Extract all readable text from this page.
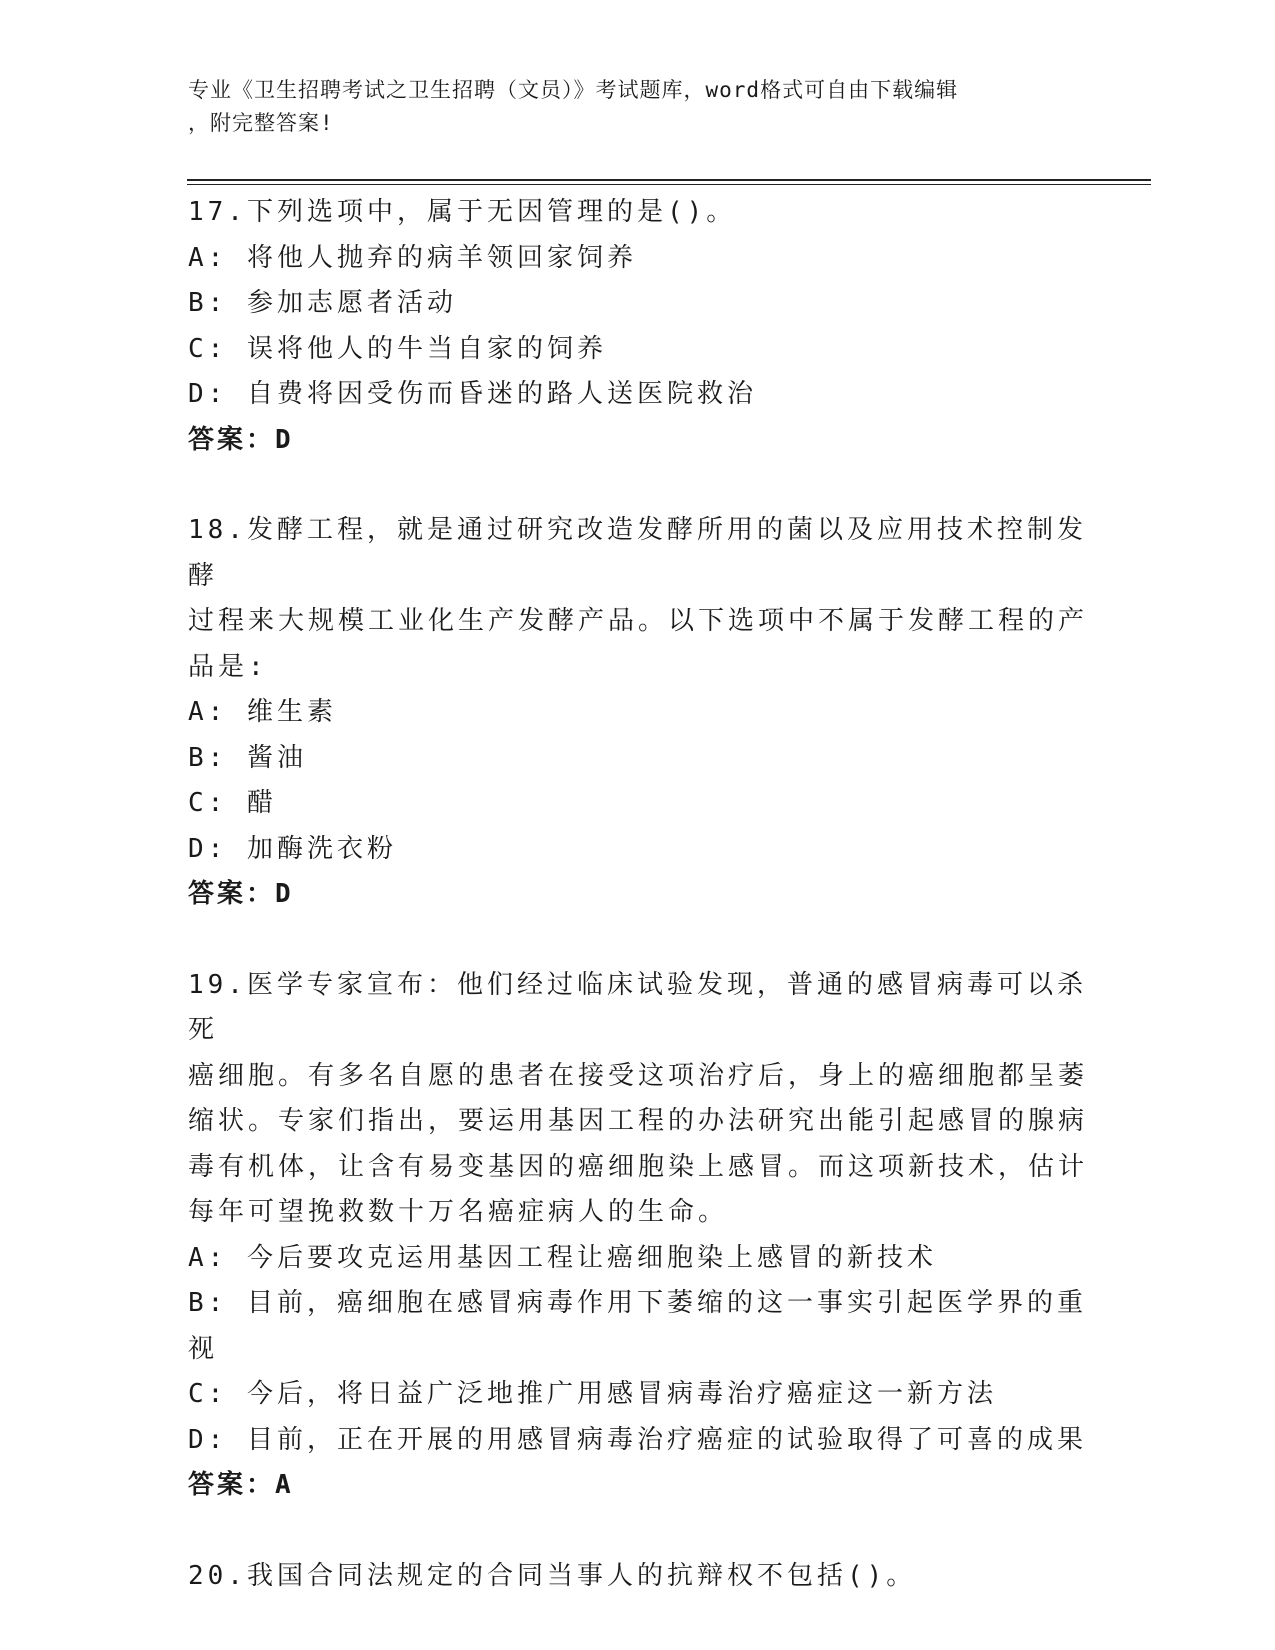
专业《卫生招聘考试之卫生招聘（文员）》考试题库，word格式可自由下载编辑
，附完整答案!

17.下列选项中，属于无因管理的是()。

A: 将他人抛弃的病羊领回家饲养

B: 参加志愿者活动

C: 误将他人的牛当自家的饲养

D: 自费将因受伤而昏迷的路人送医院救治

答案：D

18.发酵工程，就是通过研究改造发酵所用的菌以及应用技术控制发酵

过程来大规模工业化生产发酵产品。以下选项中不属于发酵工程的产

品是:

A: 维生素

B: 酱油

C: 醋

D: 加酶洗衣粉

答案：D

19.医学专家宣布：他们经过临床试验发现，普通的感冒病毒可以杀死

癌细胞。有多名自愿的患者在接受这项治疗后，身上的癌细胞都呈萎

缩状。专家们指出，要运用基因工程的办法研究出能引起感冒的腺病

毒有机体，让含有易变基因的癌细胞染上感冒。而这项新技术，估计

每年可望挽救数十万名癌症病人的生命。

A: 今后要攻克运用基因工程让癌细胞染上感冒的新技术

B: 目前，癌细胞在感冒病毒作用下萎缩的这一事实引起医学界的重视

C: 今后，将日益广泛地推广用感冒病毒治疗癌症这一新方法

D: 目前，正在开展的用感冒病毒治疗癌症的试验取得了可喜的成果

答案：A

20.我国合同法规定的合同当事人的抗辩权不包括()。
